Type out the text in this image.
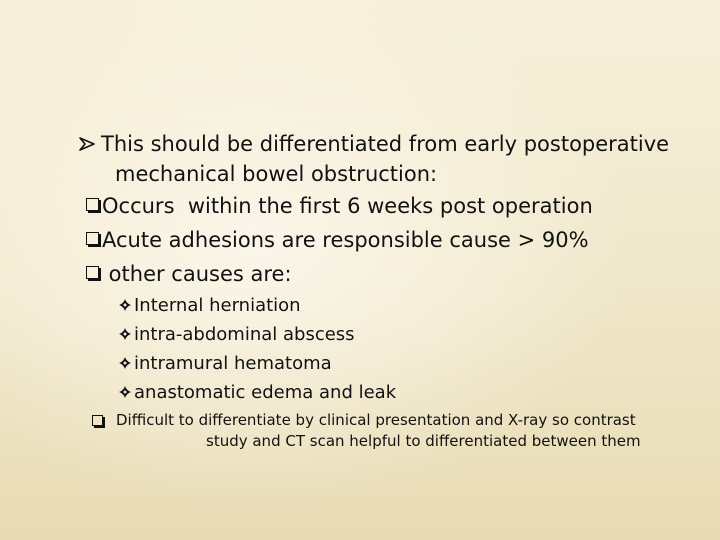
This should be differentiated from early postoperative
mechanical bowel obstruction:
Occurs  within the first 6 weeks post operation
Acute adhesions are responsible cause > 90%
other causes are:
Internal herniation
intra-abdominal abscess
intramural hematoma
anastomatic edema and leak
Difficult to differentiate by clinical presentation and X-ray so contrast
study and CT scan helpful to differentiated between them
